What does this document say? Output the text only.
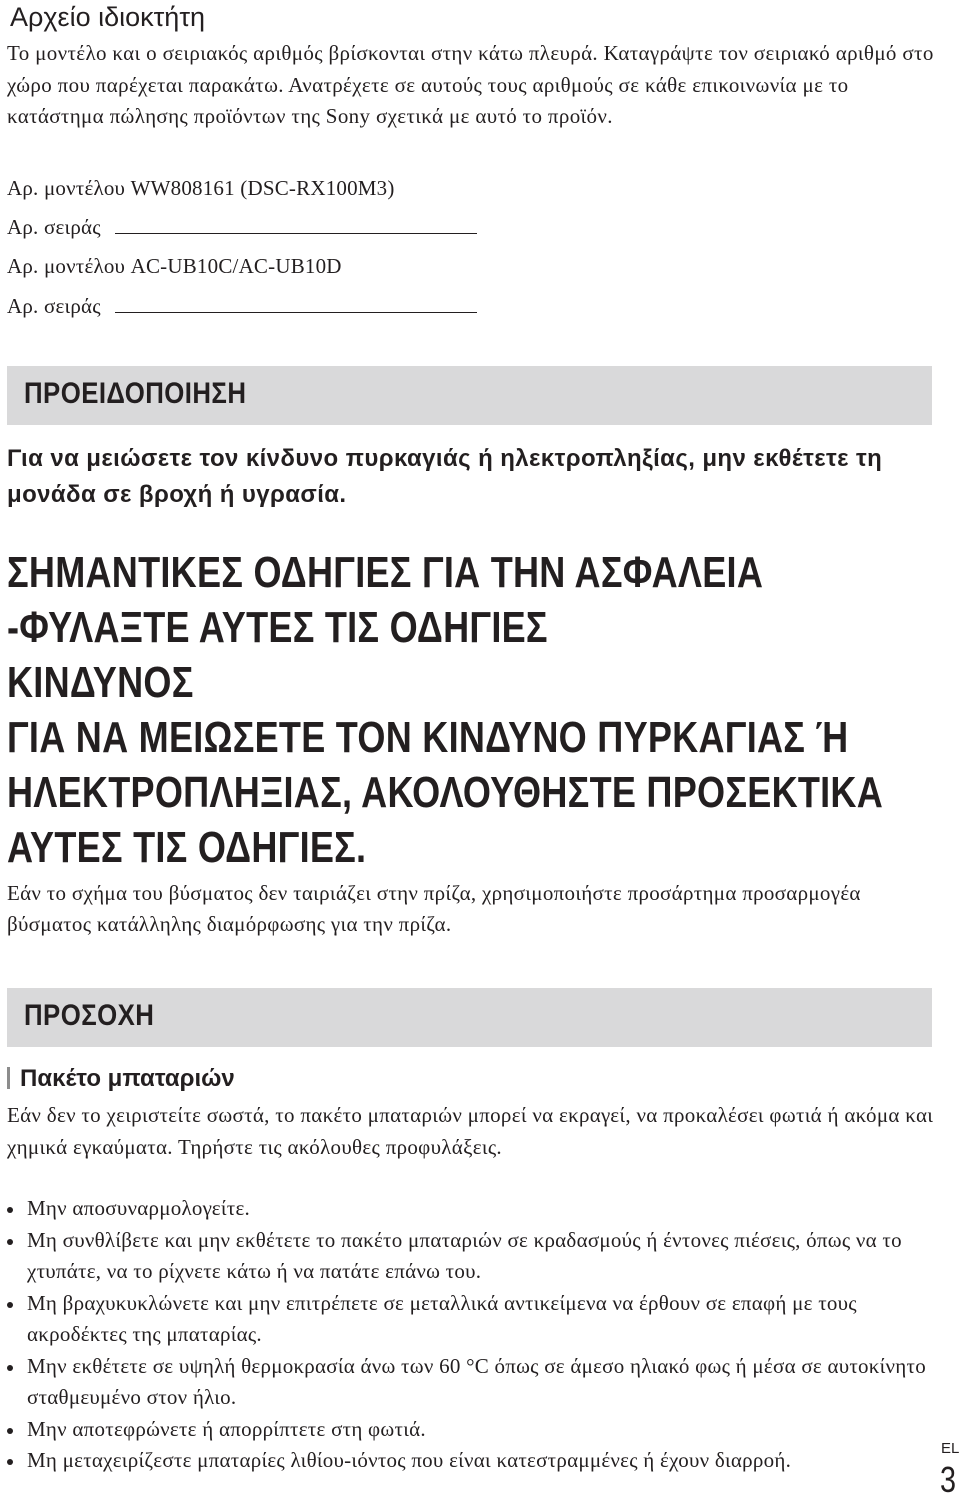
Αρχείο ιδιοκτήτη
Το μοντέλο και ο σειριακός αριθμός βρίσκονται στην κάτω πλευρά. Καταγράψτε τον σειριακό αριθμό στο χώρο που παρέχεται παρακάτω. Ανατρέχετε σε αυτούς τους αριθμούς σε κάθε επικοινωνία με το κατάστημα πώλησης προϊόντων της Sony σχετικά με αυτό το προϊόν.
Αρ. μοντέλου WW808161 (DSC-RX100M3)
Αρ. σειράς
Αρ. μοντέλου AC-UB10C/AC-UB10D
Αρ. σειράς
ΠΡΟΕΙΔΟΠΟΙΗΣΗ
Για να μειώσετε τον κίνδυνο πυρκαγιάς ή ηλεκτροπληξίας, μην εκθέτετε τη μονάδα σε βροχή ή υγρασία.
ΣΗΜΑΝΤΙΚΕΣ ΟΔΗΓΙΕΣ ΓΙΑ ΤΗΝ ΑΣΦΑΛΕΙΑ
-ΦΥΛΑΞΤΕ ΑΥΤΕΣ ΤΙΣ ΟΔΗΓΙΕΣ
ΚΙΝΔΥΝΟΣ
ΓΙΑ ΝΑ ΜΕΙΩΣΕΤΕ ΤΟΝ ΚΙΝΔΥΝΟ ΠΥΡΚΑΓΙΑΣ Ή
ΗΛΕΚΤΡΟΠΛΗΞΙΑΣ, ΑΚΟΛΟΥΘΗΣΤΕ ΠΡΟΣΕΚΤΙΚΑ
ΑΥΤΕΣ ΤΙΣ ΟΔΗΓΙΕΣ.
Εάν το σχήμα του βύσματος δεν ταιριάζει στην πρίζα, χρησιμοποιήστε προσάρτημα προσαρμογέα βύσματος κατάλληλης διαμόρφωσης για την πρίζα.
ΠΡΟΣΟΧΗ
Πακέτο μπαταριών
Εάν δεν το χειριστείτε σωστά, το πακέτο μπαταριών μπορεί να εκραγεί, να προκαλέσει φωτιά ή ακόμα και χημικά εγκαύματα. Τηρήστε τις ακόλουθες προφυλάξεις.
Μην αποσυναρμολογείτε.
Μη συνθλίβετε και μην εκθέτετε το πακέτο μπαταριών σε κραδασμούς ή έντονες πιέσεις, όπως να το χτυπάτε, να το ρίχνετε κάτω ή να πατάτε επάνω του.
Μη βραχυκυκλώνετε και μην επιτρέπετε σε μεταλλικά αντικείμενα να έρθουν σε επαφή με τους ακροδέκτες της μπαταρίας.
Μην εκθέτετε σε υψηλή θερμοκρασία άνω των 60 °C όπως σε άμεσο ηλιακό φως ή μέσα σε αυτοκίνητο σταθμευμένο στον ήλιο.
Μην αποτεφρώνετε ή απορρίπτετε στη φωτιά.
Μη μεταχειρίζεστε μπαταρίες λιθίου-ιόντος που είναι κατεστραμμένες ή έχουν διαρροή.	EL
3
